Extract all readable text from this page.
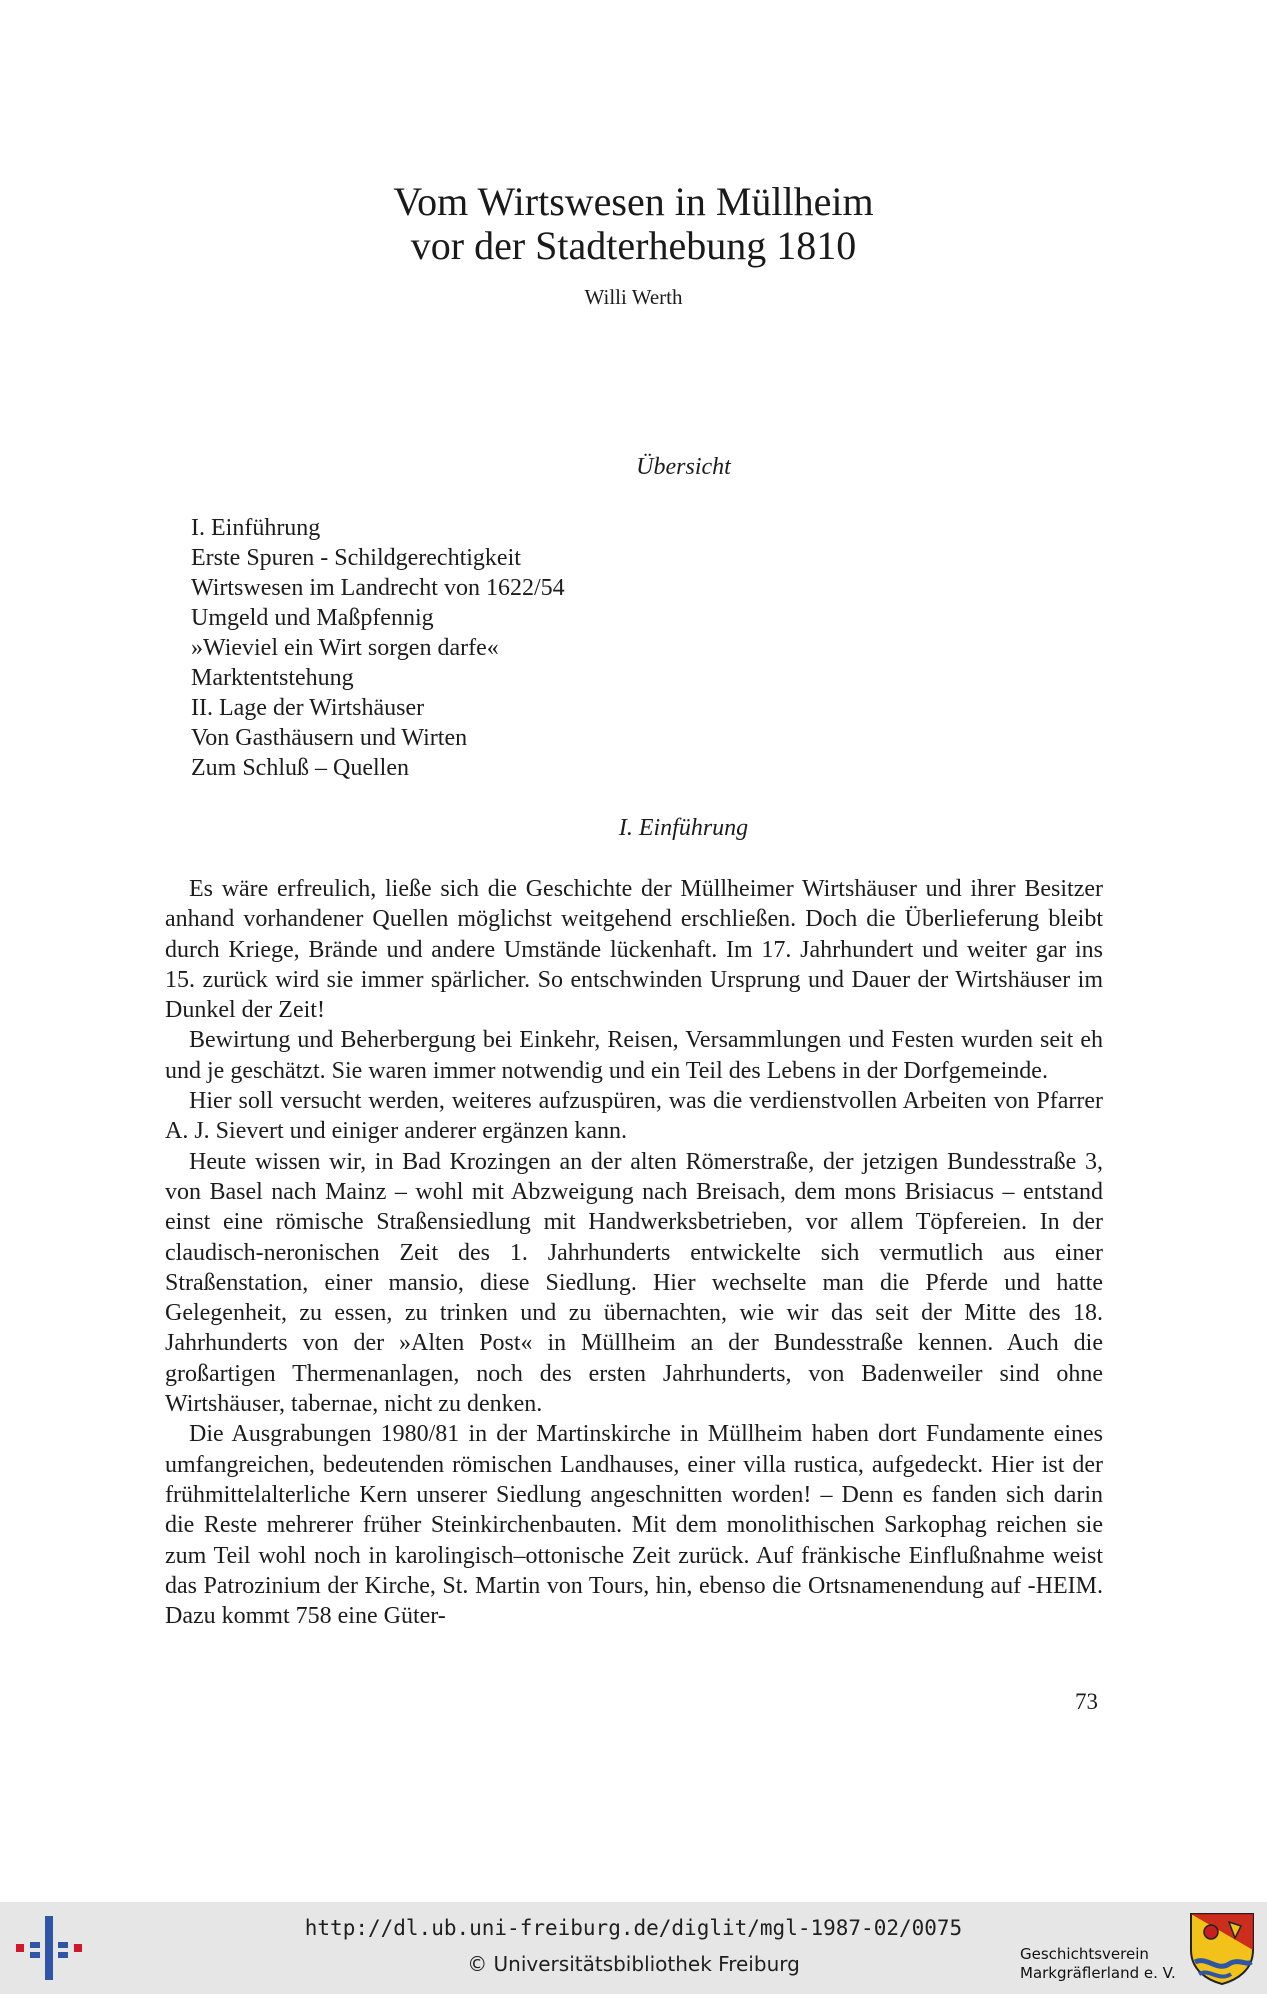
Vom Wirtswesen in Müllheim
vor der Stadterhebung 1810
Willi Werth
Übersicht
I. Einführung
Erste Spuren - Schildgerechtigkeit
Wirtswesen im Landrecht von 1622/54
Umgeld und Maßpfennig
»Wieviel ein Wirt sorgen darfe«
Marktentstehung
II. Lage der Wirtshäuser
Von Gasthäusern und Wirten
Zum Schluß – Quellen
I. Einführung

Es wäre erfreulich, ließe sich die Geschichte der Müllheimer Wirtshäuser und ihrer Besitzer anhand vorhandener Quellen möglichst weitgehend erschließen. Doch die Überlieferung bleibt durch Kriege, Brände und andere Umstände lückenhaft. Im 17. Jahrhundert und weiter gar ins 15. zurück wird sie immer spärlicher. So entschwinden Ursprung und Dauer der Wirtshäuser im Dunkel der Zeit!

Bewirtung und Beherbergung bei Einkehr, Reisen, Versammlungen und Festen wurden seit eh und je geschätzt. Sie waren immer notwendig und ein Teil des Lebens in der Dorfgemeinde.

Hier soll versucht werden, weiteres aufzuspüren, was die verdienstvollen Arbeiten von Pfarrer A. J. Sievert und einiger anderer ergänzen kann.

Heute wissen wir, in Bad Krozingen an der alten Römerstraße, der jetzigen Bundesstraße 3, von Basel nach Mainz – wohl mit Abzweigung nach Breisach, dem mons Brisiacus – entstand einst eine römische Straßensiedlung mit Handwerksbetrieben, vor allem Töpfereien. In der claudisch-neronischen Zeit des 1. Jahrhunderts entwickelte sich vermutlich aus einer Straßenstation, einer mansio, diese Siedlung. Hier wechselte man die Pferde und hatte Gelegenheit, zu essen, zu trinken und zu übernachten, wie wir das seit der Mitte des 18. Jahrhunderts von der »Alten Post« in Müllheim an der Bundesstraße kennen. Auch die großartigen Thermenanlagen, noch des ersten Jahrhunderts, von Badenweiler sind ohne Wirtshäuser, tabernae, nicht zu denken.

Die Ausgrabungen 1980/81 in der Martinskirche in Müllheim haben dort Fundamente eines umfangreichen, bedeutenden römischen Landhauses, einer villa rustica, aufgedeckt. Hier ist der frühmittelalterliche Kern unserer Siedlung angeschnitten worden! – Denn es fanden sich darin die Reste mehrerer früher Steinkirchenbauten. Mit dem monolithischen Sarkophag reichen sie zum Teil wohl noch in karolingisch–ottonische Zeit zurück. Auf fränkische Einflußnahme weist das Patrozinium der Kirche, St. Martin von Tours, hin, ebenso die Ortsnamenendung auf -HEIM. Dazu kommt 758 eine Güter-

73
http://dl.ub.uni-freiburg.de/diglit/mgl-1987-02/0075
© Universitätsbibliothek Freiburg	Geschichtsverein
Markgräflerland e. V.
